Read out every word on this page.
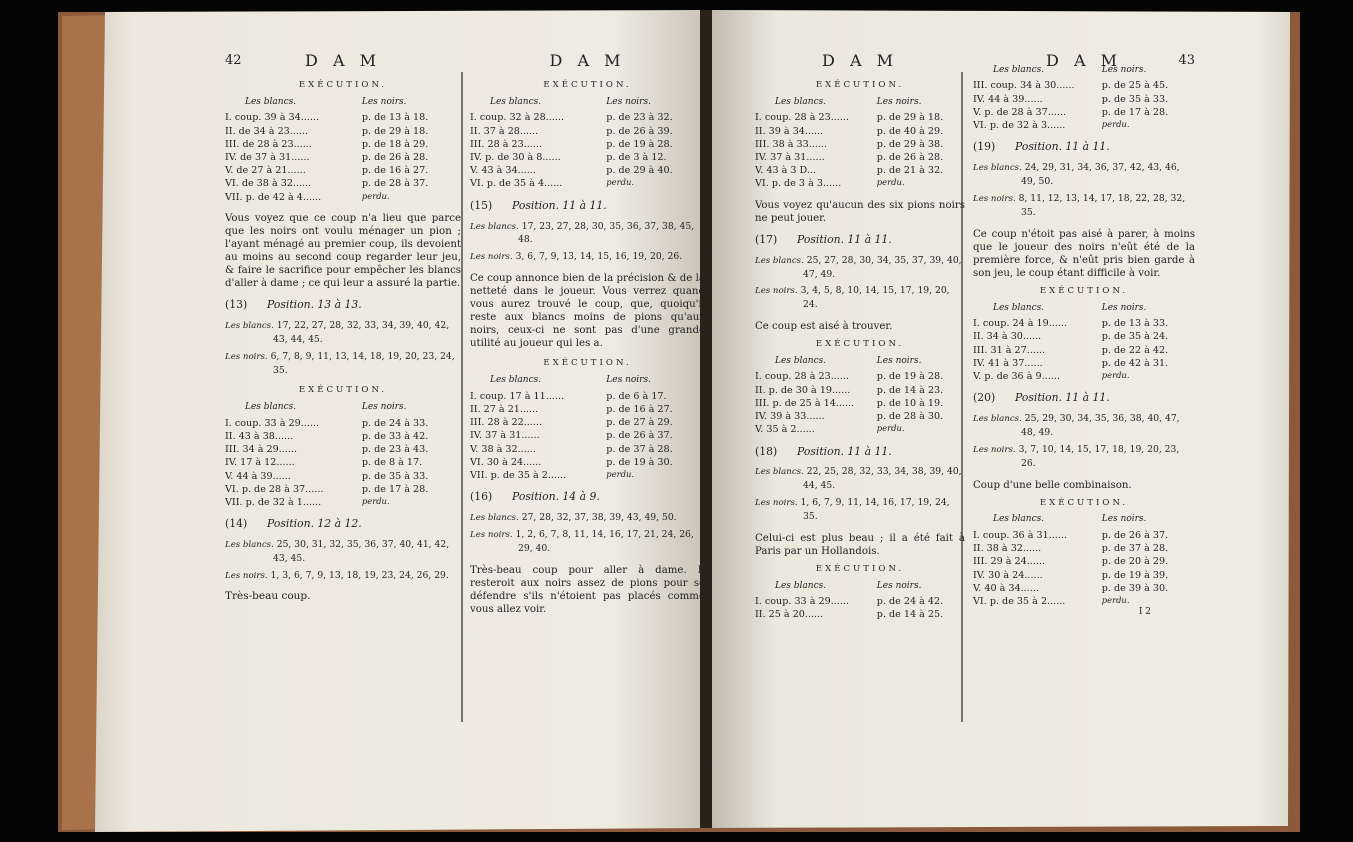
42	D A M
EXÉCUTION.
Les blancs.	Les noirs.
I. coup. 39 à 34......	p. de 13 à 18.
II. de 34 à 23......	p. de 29 à 18.
III. de 28 à 23......	p. de 18 à 29.
IV. de 37 à 31......	p. de 26 à 28.
V. de 27 à 21......	p. de 16 à 27.
VI. de 38 à 32......	p. de 28 à 37.
VII. p. de 42 à 4......	perdu.

Vous voyez que ce coup n'a lieu que parce que les noirs ont voulu ménager un pion ; l'ayant ménagé au premier coup, ils devoient au moins au second coup regarder leur jeu, & faire le sacrifice pour empêcher les blancs d'aller à dame ; ce qui leur a assuré la partie.

(13) Position. 13 à 13.
Les blancs. 17, 22, 27, 28, 32, 33, 34, 39, 40, 42, 43, 44, 45.
Les noirs. 6, 7, 8, 9, 11, 13, 14, 18, 19, 20, 23, 24, 35.
EXÉCUTION.
Les blancs.	Les noirs.
I. coup. 33 à 29......	p. de 24 à 33.
II. 43 à 38......	p. de 33 à 42.
III. 34 à 29......	p. de 23 à 43.
IV. 17 à 12......	p. de 8 à 17.
V. 44 à 39......	p. de 35 à 33.
VI. p. de 28 à 37......	p. de 17 à 28.
VII. p. de 32 à 1......	perdu.
(14) Position. 12 à 12.
Les blancs. 25, 30, 31, 32, 35, 36, 37, 40, 41, 42, 43, 45.
Les noirs. 1, 3, 6, 7, 9, 13, 18, 19, 23, 24, 26, 29.
Très-beau coup.
D A M
EXÉCUTION.
Les blancs.	Les noirs.
I. coup. 32 à 28......	p. de 23 à 32.
II. 37 à 28......	p. de 26 à 39.
III. 28 à 23......	p. de 19 à 28.
IV. p. de 30 à 8......	p. de 3 à 12.
V. 43 à 34......	p. de 29 à 40.
VI. p. de 35 à 4......	perdu.
(15) Position. 11 à 11.
Les blancs. 17, 23, 27, 28, 30, 35, 36, 37, 38, 45, 48.
Les noirs. 3, 6, 7, 9, 13, 14, 15, 16, 19, 20, 26.

Ce coup annonce bien de la précision & de la netteté dans le joueur. Vous verrez quand vous aurez trouvé le coup, que, quoiqu'il reste aux blancs moins de pions qu'aux noirs, ceux-ci ne sont pas d'une grande utilité au joueur qui les a.

EXÉCUTION.
Les blancs.	Les noirs.
I. coup. 17 à 11......	p. de 6 à 17.
II. 27 à 21......	p. de 16 à 27.
III. 28 à 22......	p. de 27 à 29.
IV. 37 à 31......	p. de 26 à 37.
V. 38 à 32......	p. de 37 à 28.
VI. 30 à 24......	p. de 19 à 30.
VII. p. de 35 à 2......	perdu.
(16) Position. 14 à 9.
Les blancs. 27, 28, 32, 37, 38, 39, 43, 49, 50.
Les noirs. 1, 2, 6, 7, 8, 11, 14, 16, 17, 21, 24, 26, 29, 40.

Très-beau coup pour aller à dame. Il resteroit aux noirs assez de pions pour se défendre s'ils n'étoient pas placés comme vous allez voir.

D A M
EXÉCUTION.
Les blancs.	Les noirs.
I. coup. 28 à 23......	p. de 29 à 18.
II. 39 à 34......	p. de 40 à 29.
III. 38 à 33......	p. de 29 à 38.
IV. 37 à 31......	p. de 26 à 28.
V. 43 à 3 D...	p. de 21 à 32.
VI. p. de 3 à 3......	perdu.

Vous voyez qu'aucun des six pions noirs ne peut jouer.

(17) Position. 11 à 11.
Les blancs. 25, 27, 28, 30, 34, 35, 37, 39, 40, 47, 49.
Les noirs. 3, 4, 5, 8, 10, 14, 15, 17, 19, 20, 24.

Ce coup est aisé à trouver.

EXÉCUTION.
Les blancs.	Les noirs.
I. coup. 28 à 23......	p. de 19 à 28.
II. p. de 30 à 19......	p. de 14 à 23.
III. p. de 25 à 14......	p. de 10 à 19.
IV. 39 à 33......	p. de 28 à 30.
V. 35 à 2......	perdu.
(18) Position. 11 à 11.
Les blancs. 22, 25, 28, 32, 33, 34, 38, 39, 40, 44, 45.
Les noirs. 1, 6, 7, 9, 11, 14, 16, 17, 19, 24, 35.

Celui-ci est plus beau ; il a été fait à Paris par un Hollandois.

EXÉCUTION.
Les blancs.	Les noirs.
I. coup. 33 à 29......	p. de 24 à 42.
II. 25 à 20......	p. de 14 à 25.
D A M	43
Les blancs.	Les noirs.
III. coup. 34 à 30......	p. de 25 à 45.
IV. 44 à 39......	p. de 35 à 33.
V. p. de 28 à 37......	p. de 17 à 28.
VI. p. de 32 à 3......	perdu.
(19) Position. 11 à 11.
Les blancs. 24, 29, 31, 34, 36, 37, 42, 43, 46, 49, 50.
Les noirs. 8, 11, 12, 13, 14, 17, 18, 22, 28, 32, 35.

Ce coup n'étoit pas aisé à parer, à moins que le joueur des noirs n'eût été de la première force, & n'eût pris bien garde à son jeu, le coup étant difficile à voir.

EXÉCUTION.
Les blancs.	Les noirs.
I. coup. 24 à 19......	p. de 13 à 33.
II. 34 à 30......	p. de 35 à 24.
III. 31 à 27......	p. de 22 à 42.
IV. 41 à 37......	p. de 42 à 31.
V. p. de 36 à 9......	perdu.
(20) Position. 11 à 11.
Les blancs. 25, 29, 30, 34, 35, 36, 38, 40, 47, 48, 49.
Les noirs. 3, 7, 10, 14, 15, 17, 18, 19, 20, 23, 26.

Coup d'une belle combinaison.

EXÉCUTION.
Les blancs.	Les noirs.
I. coup. 36 à 31......	p. de 26 à 37.
II. 38 à 32......	p. de 37 à 28.
III. 29 à 24......	p. de 20 à 29.
IV. 30 à 24......	p. de 19 à 39.
V. 40 à 34......	p. de 39 à 30.
VI. p. de 35 à 2......	perdu.
I 2
